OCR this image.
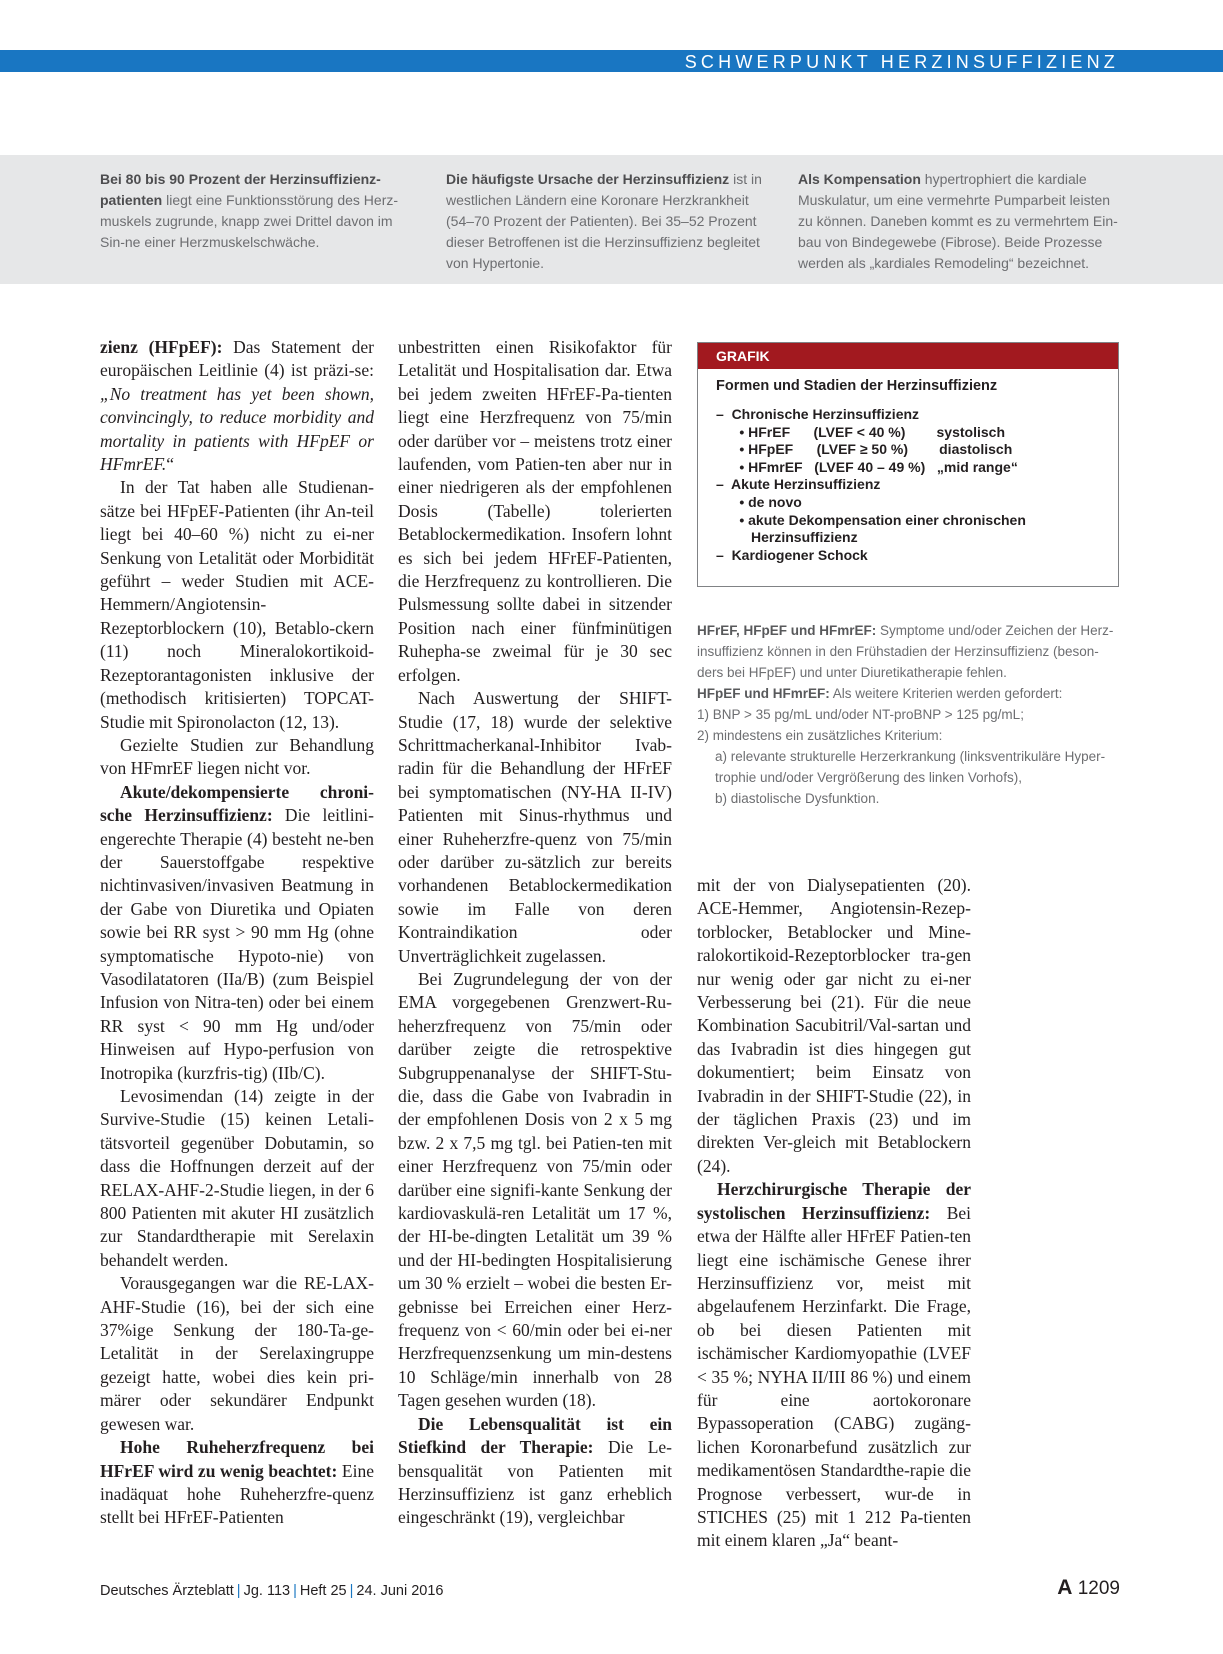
SCHWERPUNKT HERZINSUFFIZIENZ
Bei 80 bis 90 Prozent der Herzinsuffizienz-patienten liegt eine Funktionsstörung des Herz-muskels zugrunde, knapp zwei Drittel davon im Sin-ne einer Herzmuskelschwäche.
Die häufigste Ursache der Herzinsuffizienz ist in westlichen Ländern eine Koronare Herzkrankheit (54–70 Prozent der Patienten). Bei 35–52 Prozent dieser Betroffenen ist die Herzinsuffizienz begleitet von Hypertonie.
Als Kompensation hypertrophiert die kardiale Muskulatur, um eine vermehrte Pumparbeit leisten zu können. Daneben kommt es zu vermehrtem Ein-bau von Bindegewebe (Fibrose). Beide Prozesse werden als „kardiales Remodeling“ bezeichnet.

zienz (HFpEF): Das Statement der europäischen Leitlinie (4) ist präzi-se: „No treatment has yet been shown, convincingly, to reduce morbidity and mortality in patients with HFpEF or HFmrEF.“

In der Tat haben alle Studienan-sätze bei HFpEF-Patienten (ihr An-teil liegt bei 40–60 %) nicht zu ei-ner Senkung von Letalität oder Morbidität geführt – weder Studien mit ACE-Hemmern/Angiotensin-Rezeptorblockern (10), Betablo-ckern (11) noch Mineralokortikoid-Rezeptorantagonisten inklusive der (methodisch kritisierten) TOPCAT-Studie mit Spironolacton (12, 13).

Gezielte Studien zur Behandlung von HFmrEF liegen nicht vor.

Akute/dekompensierte chroni-sche Herzinsuffizienz: Die leitlini-engerechte Therapie (4) besteht ne-ben der Sauerstoffgabe respektive nichtinvasiven/invasiven Beatmung in der Gabe von Diuretika und Opiaten sowie bei RR syst > 90 mm Hg (ohne symptomatische Hypoto-nie) von Vasodilatatoren (IIa/B) (zum Beispiel Infusion von Nitra-ten) oder bei einem RR syst < 90 mm Hg und/oder Hinweisen auf Hypo-perfusion von Inotropika (kurzfris-tig) (IIb/C).

Levosimendan (14) zeigte in der Survive-Studie (15) keinen Letali-tätsvorteil gegenüber Dobutamin, so dass die Hoffnungen derzeit auf der RELAX-AHF-2-Studie liegen, in der 6 800 Patienten mit akuter HI zusätzlich zur Standardtherapie mit Serelaxin behandelt werden.

Vorausgegangen war die RE-LAX-AHF-Studie (16), bei der sich eine 37%ige Senkung der 180-Ta-ge-Letalität in der Serelaxingruppe gezeigt hatte, wobei dies kein pri-märer oder sekundärer Endpunkt gewesen war.

Hohe Ruheherzfrequenz bei HFrEF wird zu wenig beachtet: Eine inadäquat hohe Ruheherzfre-quenz stellt bei HFrEF-Patienten

unbestritten einen Risikofaktor für Letalität und Hospitalisation dar. Etwa bei jedem zweiten HFrEF-Pa-tienten liegt eine Herzfrequenz von 75/min oder darüber vor – meistens trotz einer laufenden, vom Patien-ten aber nur in einer niedrigeren als der empfohlenen Dosis (Tabelle) tolerierten Betablockermedikation. Insofern lohnt es sich bei jedem HFrEF-Patienten, die Herzfrequenz zu kontrollieren. Die Pulsmessung sollte dabei in sitzender Position nach einer fünfminütigen Ruhepha-se zweimal für je 30 sec erfolgen.

Nach Auswertung der SHIFT-Studie (17, 18) wurde der selektive Schrittmacherkanal-Inhibitor Ivab-radin für die Behandlung der HFrEF bei symptomatischen (NY-HA II-IV) Patienten mit Sinus-rhythmus und einer Ruheherzfre-quenz von 75/min oder darüber zu-sätzlich zur bereits vorhandenen Betablockermedikation sowie im Falle von deren Kontraindikation oder Unverträglichkeit zugelassen.

Bei Zugrundelegung der von der EMA vorgegebenen Grenzwert-Ru-heherzfrequenz von 75/min oder darüber zeigte die retrospektive Subgruppenanalyse der SHIFT-Stu-die, dass die Gabe von Ivabradin in der empfohlenen Dosis von 2 x 5 mg bzw. 2 x 7,5 mg tgl. bei Patien-ten mit einer Herzfrequenz von 75/min oder darüber eine signifi-kante Senkung der kardiovaskulä-ren Letalität um 17 %, der HI-be-dingten Letalität um 39 % und der HI-bedingten Hospitalisierung um 30 % erzielt – wobei die besten Er-gebnisse bei Erreichen einer Herz-frequenz von < 60/min oder bei ei-ner Herzfrequenzsenkung um min-destens 10 Schläge/min innerhalb von 28 Tagen gesehen wurden (18).

Die Lebensqualität ist ein Stiefkind der Therapie: Die Le-bensqualität von Patienten mit Herzinsuffizienz ist ganz erheblich eingeschränkt (19), vergleichbar

GRAFIK
Formen und Stadien der Herzinsuffizienz
–  Chronische Herzinsuffizienz
• HFrEF      (LVEF < 40 %)        systolisch
• HFpEF      (LVEF ≥ 50 %)        diastolisch
• HFmrEF   (LVEF 40 – 49 %)   „mid range“
–  Akute Herzinsuffizienz
• de novo
• akute Dekompensation einer chronischen
Herzinsuffizienz
–  Kardiogener Schock

HFrEF, HFpEF und HFmrEF: Symptome und/oder Zeichen der Herz-insuffizienz können in den Frühstadien der Herzinsuffizienz (beson-ders bei HFpEF) und unter Diuretikatherapie fehlen.

HFpEF und HFmrEF: Als weitere Kriterien werden gefordert:

1) BNP > 35 pg/mL und/oder NT-proBNP > 125 pg/mL;

2) mindestens ein zusätzliches Kriterium:

a) relevante strukturelle Herzerkrankung (linksventrikuläre Hyper-trophie und/oder Vergrößerung des linken Vorhofs),

b) diastolische Dysfunktion.

mit der von Dialysepatienten (20). ACE-Hemmer, Angiotensin-Rezep-torblocker, Betablocker und Mine-ralokortikoid-Rezeptorblocker tra-gen nur wenig oder gar nicht zu ei-ner Verbesserung bei (21). Für die neue Kombination Sacubitril/Val-sartan und das Ivabradin ist dies hingegen gut dokumentiert; beim Einsatz von Ivabradin in der SHIFT-Studie (22), in der täglichen Praxis (23) und im direkten Ver-gleich mit Betablockern (24).

Herzchirurgische Therapie der systolischen Herzinsuffizienz: Bei etwa der Hälfte aller HFrEF Patien-ten liegt eine ischämische Genese ihrer Herzinsuffizienz vor, meist mit abgelaufenem Herzinfarkt. Die Frage, ob bei diesen Patienten mit ischämischer Kardiomyopathie (LVEF < 35 %; NYHA II/III 86 %) und einem für eine aortokoronare Bypassoperation (CABG) zugäng-lichen Koronarbefund zusätzlich zur medikamentösen Standardthe-rapie die Prognose verbessert, wur-de in STICHES (25) mit 1 212 Pa-tienten mit einem klaren „Ja“ beant-

Deutsches Ärzteblatt | Jg. 113 | Heft 25 | 24. Juni 2016	A 1209
